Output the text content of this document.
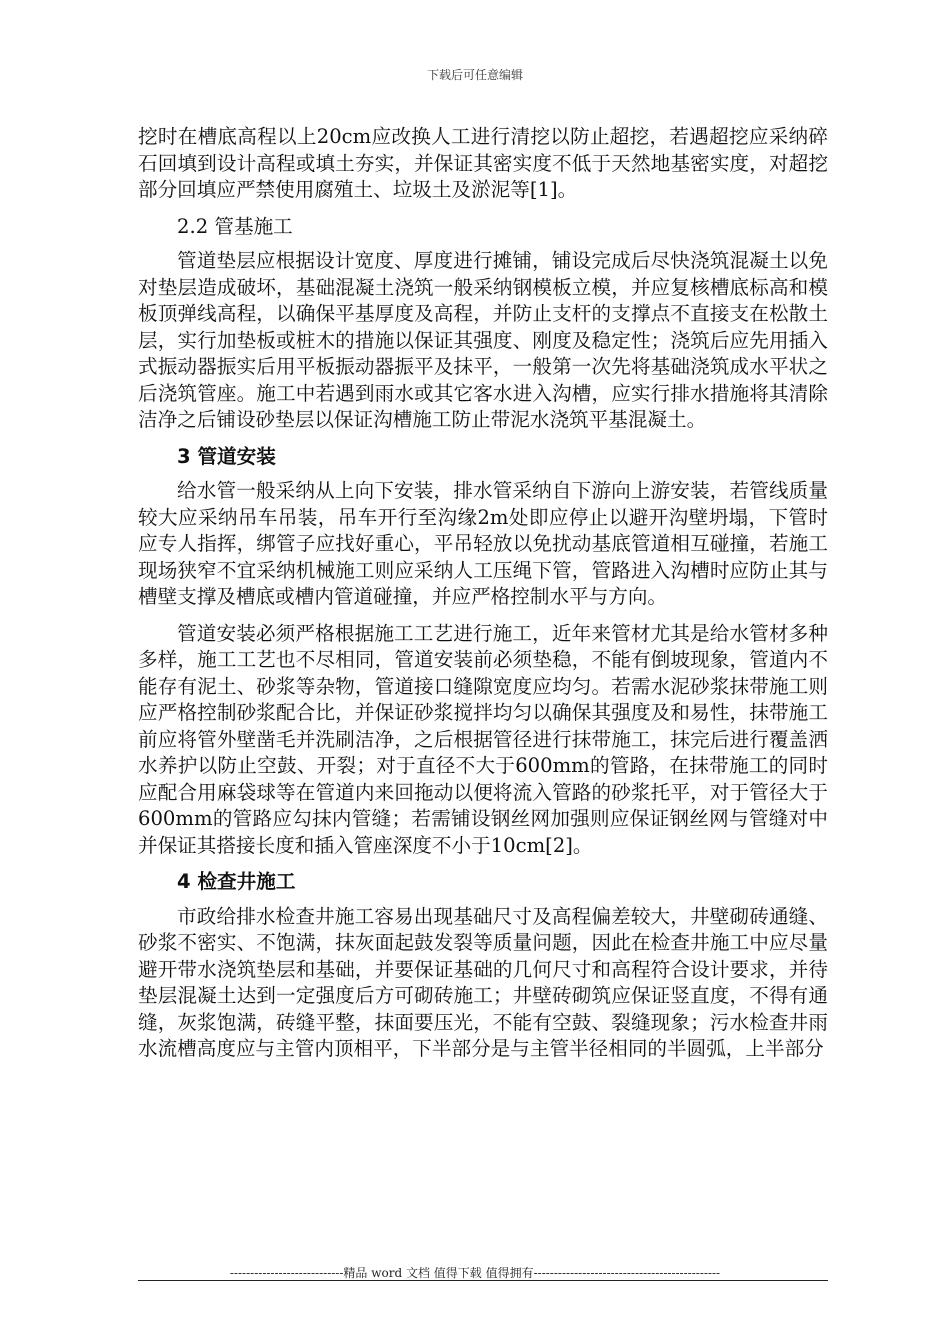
下载后可任意编辑

挖时在槽底高程以上20cm应改换人工进行清挖以防止超挖，若遇超挖应采纳碎石回填到设计高程或填土夯实，并保证其密实度不低于天然地基密实度，对超挖部分回填应严禁使用腐殖土、垃圾土及淤泥等[1]。

2.2 管基施工

管道垫层应根据设计宽度、厚度进行摊铺，铺设完成后尽快浇筑混凝土以免对垫层造成破坏，基础混凝土浇筑一般采纳钢模板立模，并应复核槽底标高和模板顶弹线高程，以确保平基厚度及高程，并防止支杆的支撑点不直接支在松散土层，实行加垫板或桩木的措施以保证其强度、刚度及稳定性；浇筑后应先用插入式振动器振实后用平板振动器振平及抹平，一般第一次先将基础浇筑成水平状之后浇筑管座。施工中若遇到雨水或其它客水进入沟槽，应实行排水措施将其清除洁净之后铺设砂垫层以保证沟槽施工防止带泥水浇筑平基混凝土。

3 管道安装

给水管一般采纳从上向下安装，排水管采纳自下游向上游安装，若管线质量较大应采纳吊车吊装，吊车开行至沟缘2m处即应停止以避开沟壁坍塌，下管时应专人指挥，绑管子应找好重心，平吊轻放以免扰动基底管道相互碰撞，若施工现场狭窄不宜采纳机械施工则应采纳人工压绳下管，管路进入沟槽时应防止其与槽壁支撑及槽底或槽内管道碰撞，并应严格控制水平与方向。

管道安装必须严格根据施工工艺进行施工，近年来管材尤其是给水管材多种多样，施工工艺也不尽相同，管道安装前必须垫稳，不能有倒坡现象，管道内不能存有泥土、砂浆等杂物，管道接口缝隙宽度应均匀。若需水泥砂浆抹带施工则应严格控制砂浆配合比，并保证砂浆搅拌均匀以确保其强度及和易性，抹带施工前应将管外壁凿毛并洗刷洁净，之后根据管径进行抹带施工，抹完后进行覆盖洒水养护以防止空鼓、开裂；对于直径不大于600mm的管路，在抹带施工的同时应配合用麻袋球等在管道内来回拖动以便将流入管路的砂浆托平，对于管径大于600mm的管路应勾抹内管缝；若需铺设钢丝网加强则应保证钢丝网与管缝对中并保证其搭接长度和插入管座深度不小于10cm[2]。

4 检查井施工

市政给排水检查井施工容易出现基础尺寸及高程偏差较大，井壁砌砖通缝、砂浆不密实、不饱满，抹灰面起鼓发裂等质量问题，因此在检查井施工中应尽量避开带水浇筑垫层和基础，并要保证基础的几何尺寸和高程符合设计要求，并待垫层混凝土达到一定强度后方可砌砖施工；井壁砖砌筑应保证竖直度，不得有通缝，灰浆饱满，砖缝平整，抹面要压光，不能有空鼓、裂缝现象；污水检查井雨水流槽高度应与主管内顶相平，下半部分是与主管半径相同的半圆弧，上半部分

----------------------------精品 word 文档 值得下载 值得拥有----------------------------------------------
